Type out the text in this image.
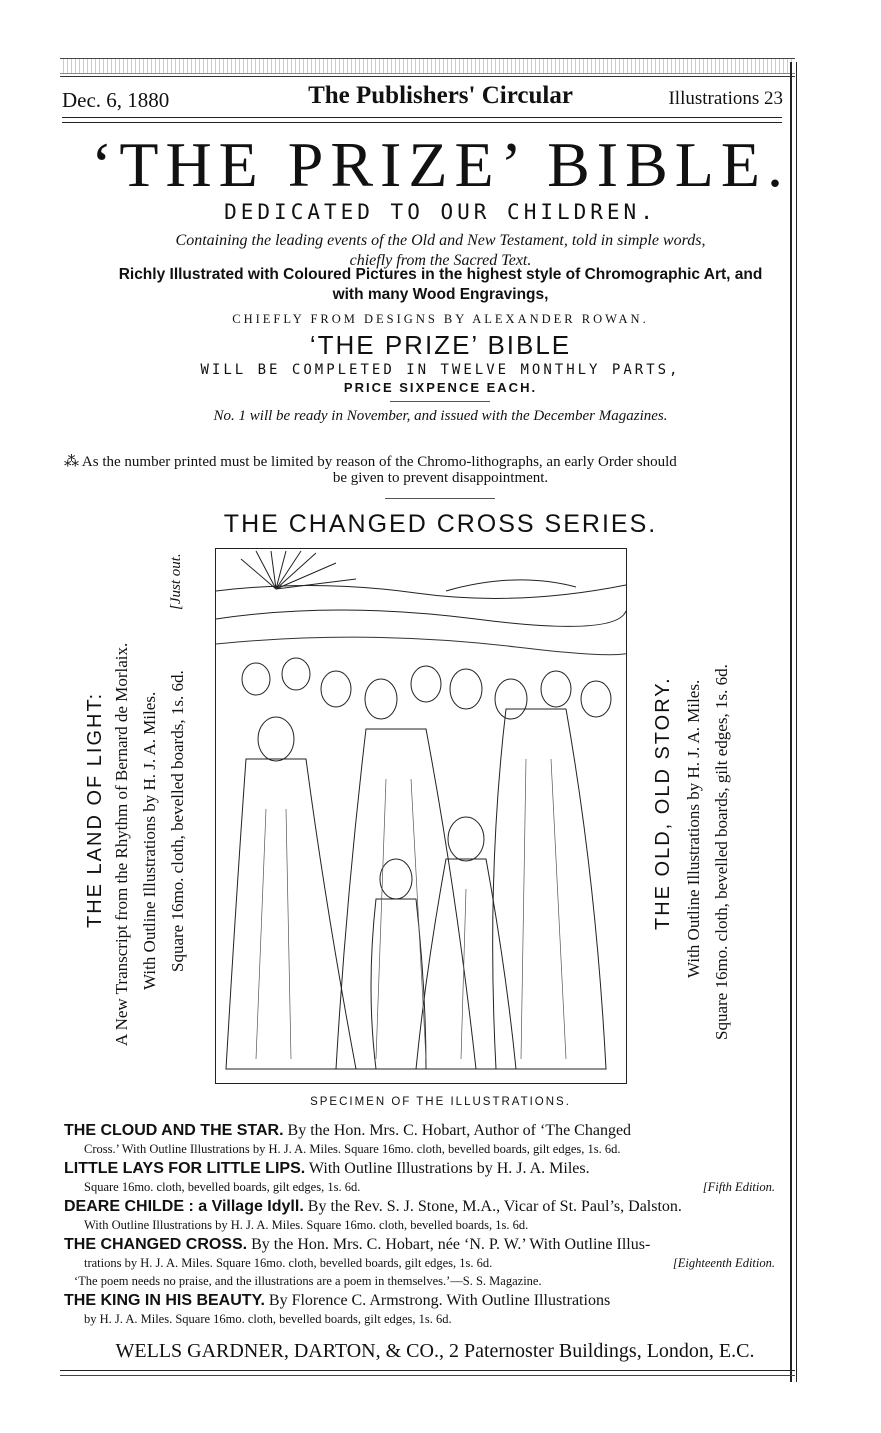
Dec. 6, 1880	The Publishers' Circular	Illustrations 23
‘THE PRIZE’ BIBLE.
DEDICATED TO OUR CHILDREN.
Containing the leading events of the Old and New Testament, told in simple words,
chiefly from the Sacred Text.
Richly Illustrated with Coloured Pictures in the highest style of Chromographic Art, and
with many Wood Engravings,
CHIEFLY FROM DESIGNS BY ALEXANDER ROWAN.
‘THE PRIZE’ BIBLE
WILL BE COMPLETED IN TWELVE MONTHLY PARTS,
PRICE SIXPENCE EACH.
No. 1 will be ready in November, and issued with the December Magazines.
⁂ As the number printed must be limited by reason of the Chromo-lithographs, an early Order should
be given to prevent disappointment.
THE CHANGED CROSS SERIES.
THE LAND OF LIGHT: A New Transcript from the Rhythm of Bernard de Morlaix. With Outline Illustrations by H. J. A. Miles. Square 16mo. cloth, bevelled boards, 1s. 6d.
[Just out.
SPECIMEN OF THE ILLUSTRATIONS.
THE OLD, OLD STORY. With Outline Illustrations by H. J. A. Miles. Square 16mo. cloth, bevelled boards, gilt edges, 1s. 6d.
THE CLOUD AND THE STAR. By the Hon. Mrs. C. Hobart, Author of ‘The Changed
Cross.’ With Outline Illustrations by H. J. A. Miles. Square 16mo. cloth, bevelled boards, gilt edges, 1s. 6d.
LITTLE LAYS FOR LITTLE LIPS. With Outline Illustrations by H. J. A. Miles.
Square 16mo. cloth, bevelled boards, gilt edges, 1s. 6d.	[Fifth Edition.
DEARE CHILDE : a Village Idyll. By the Rev. S. J. Stone, M.A., Vicar of St. Paul’s, Dalston.
With Outline Illustrations by H. J. A. Miles. Square 16mo. cloth, bevelled boards, 1s. 6d.
THE CHANGED CROSS. By the Hon. Mrs. C. Hobart, née ‘N. P. W.’ With Outline Illus-
trations by H. J. A. Miles. Square 16mo. cloth, bevelled boards, gilt edges, 1s. 6d.	[Eighteenth Edition.
‘The poem needs no praise, and the illustrations are a poem in themselves.’—S. S. Magazine.
THE KING IN HIS BEAUTY. By Florence C. Armstrong. With Outline Illustrations
by H. J. A. Miles. Square 16mo. cloth, bevelled boards, gilt edges, 1s. 6d.
WELLS GARDNER, DARTON, & CO., 2 Paternoster Buildings, London, E.C.
